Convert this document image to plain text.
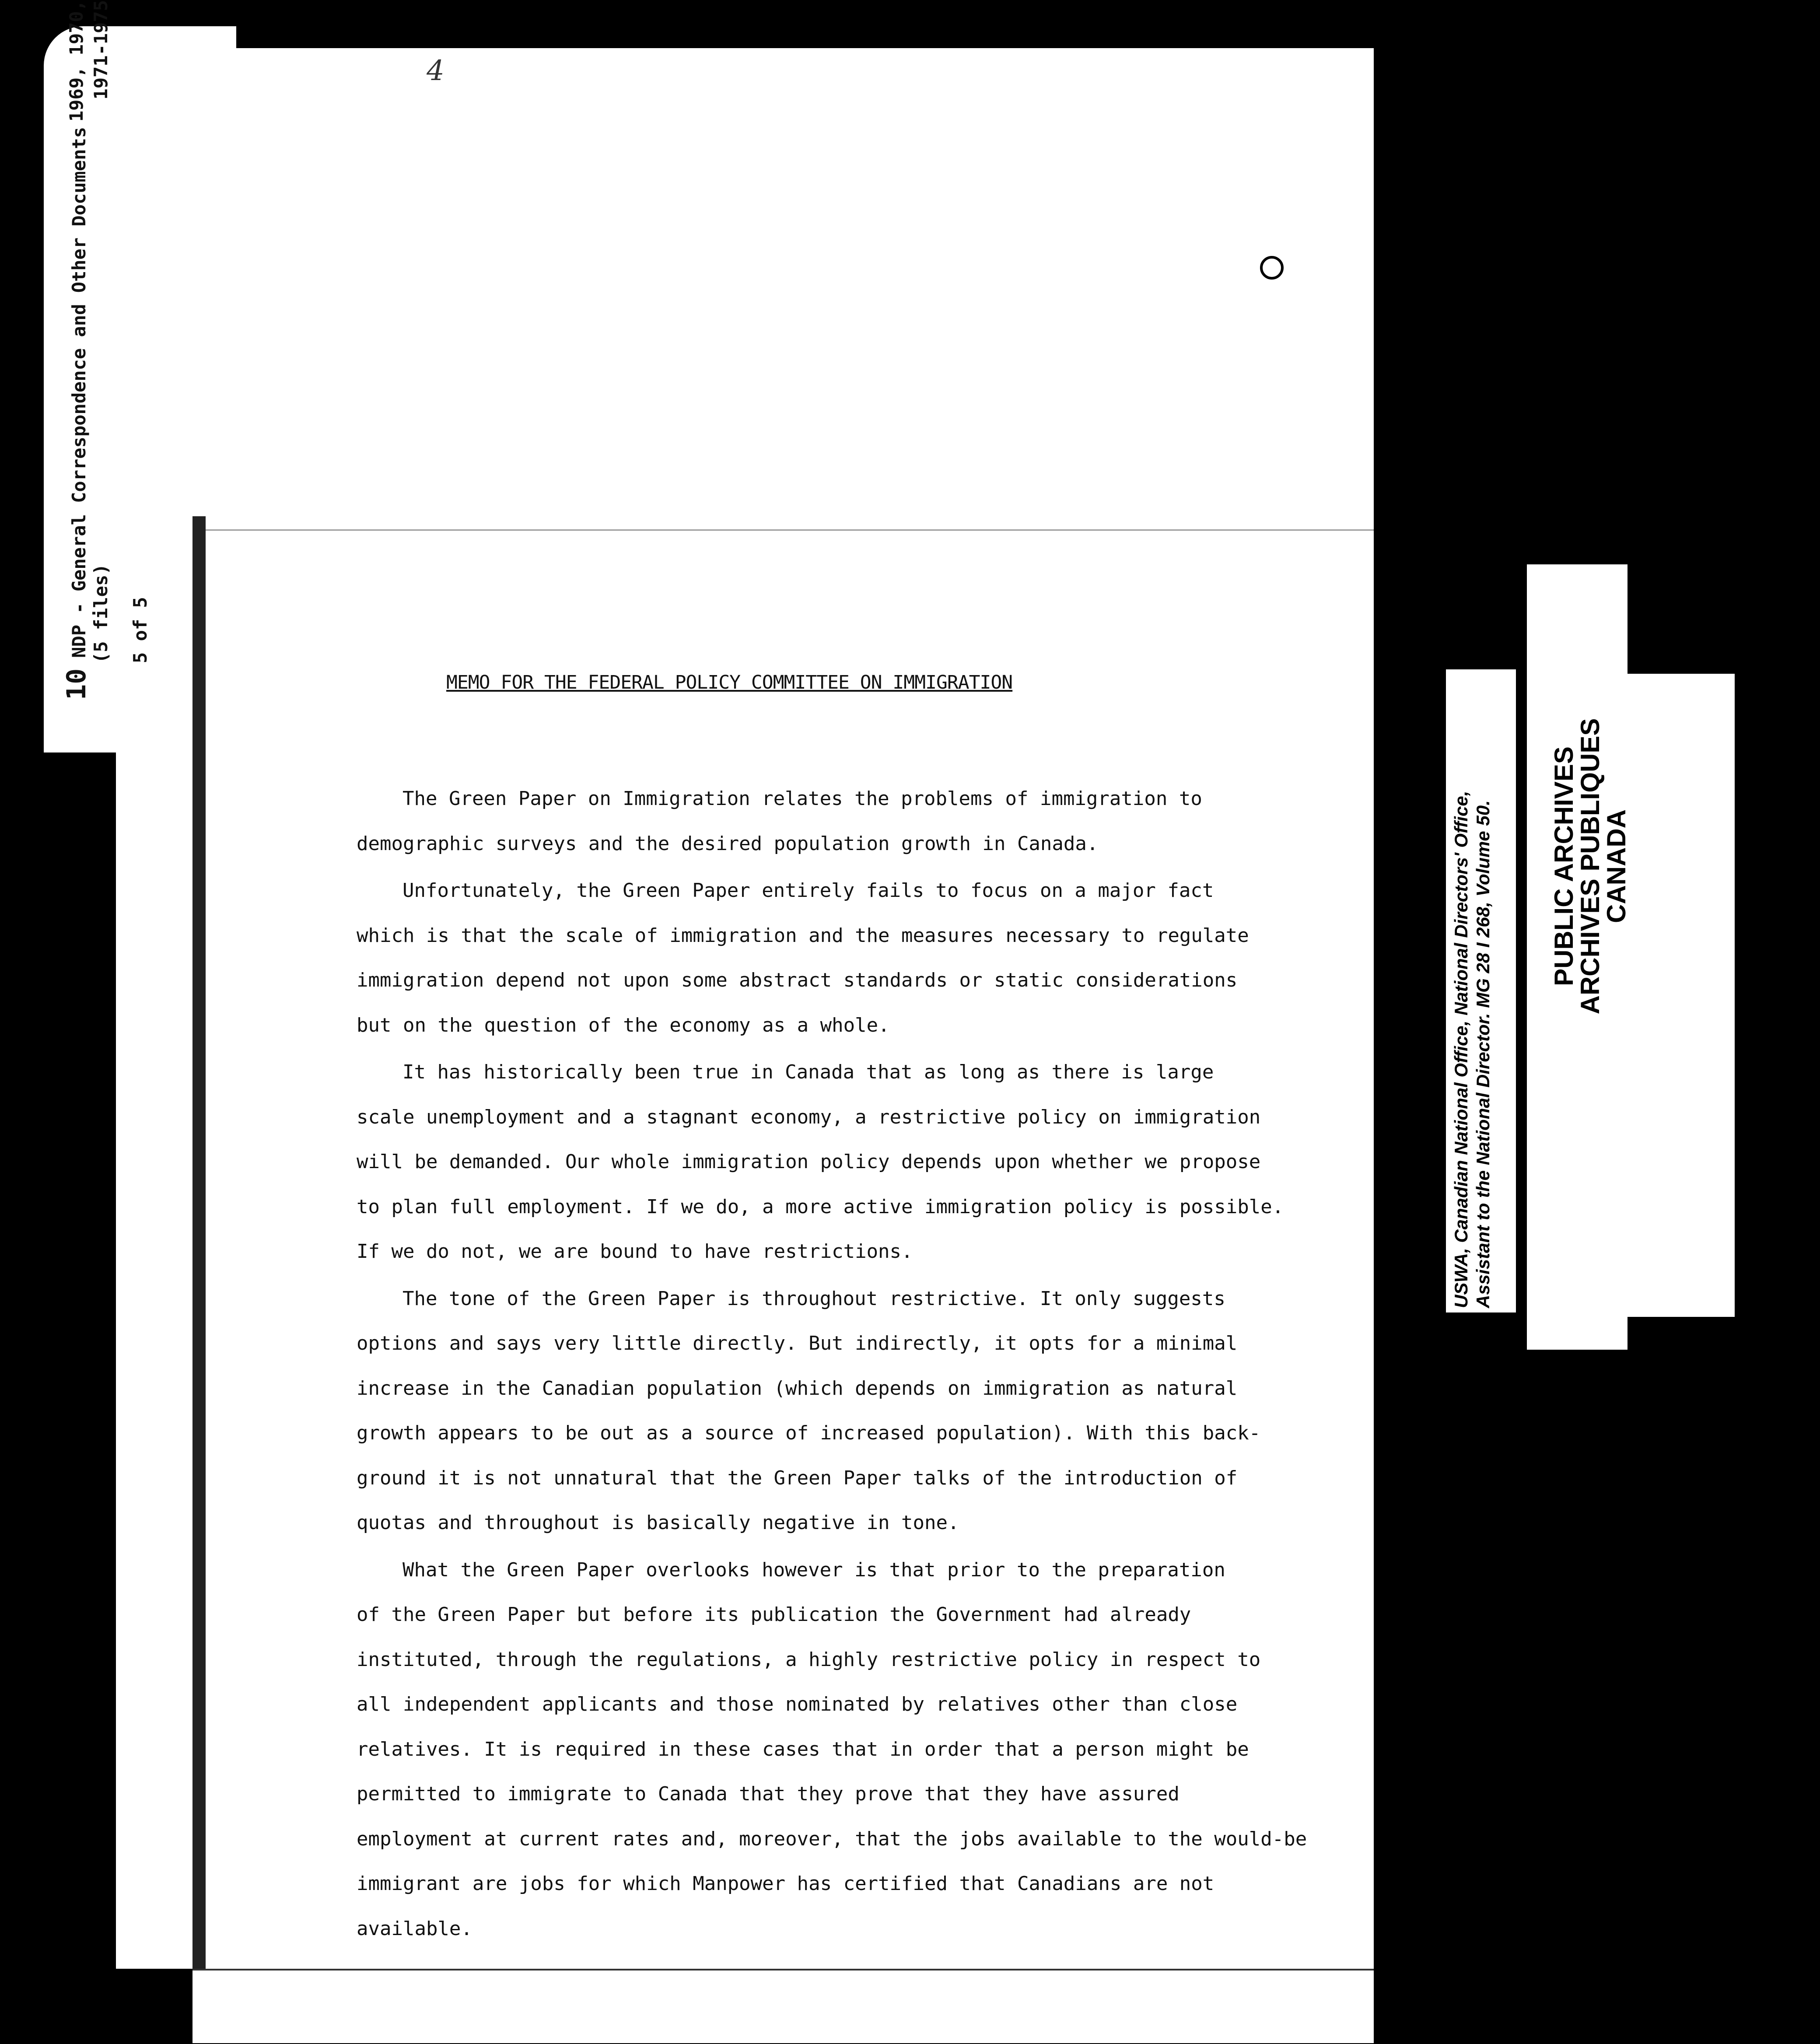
10NDP - General Correspondence and Other Documents
1969, 1970,
(5 files)
1971-1975
5 of 5
4
MEMO FOR THE FEDERAL POLICY COMMITTEE ON IMMIGRATION
The Green Paper on Immigration relates the problems of immigration to
demographic surveys and the desired population growth in Canada.
Unfortunately, the Green Paper entirely fails to focus on a major fact
which is that the scale of immigration and the measures necessary to regulate
immigration depend not upon some abstract standards or static considerations
but on the question of the economy as a whole.
It has historically been true in Canada that as long as there is large
scale unemployment and a stagnant economy, a restrictive policy on immigration
will be demanded. Our whole immigration policy depends upon whether we propose
to plan full employment. If we do, a more active immigration policy is possible.
If we do not, we are bound to have restrictions.
The tone of the Green Paper is throughout restrictive. It only suggests
options and says very little directly. But indirectly, it opts for a minimal
increase in the Canadian population (which depends on immigration as natural
growth appears to be out as a source of increased population). With this back-
ground it is not unnatural that the Green Paper talks of the introduction of
quotas and throughout is basically negative in tone.
What the Green Paper overlooks however is that prior to the preparation
of the Green Paper but before its publication the Government had already
instituted, through the regulations, a highly restrictive policy in respect to
all independent applicants and those nominated by relatives other than close
relatives. It is required in these cases that in order that a person might be
permitted to immigrate to Canada that they prove that they have assured
employment at current rates and, moreover, that the jobs available to the would-be
immigrant are jobs for which Manpower has certified that Canadians are not
available.
USWA, Canadian National Office, National Directors' Office, Assistant to the National Director. MG 28 I 268, Volume 50. PUBLIC ARCHIVES
ARCHIVES PUBLIQUES
CANADA
